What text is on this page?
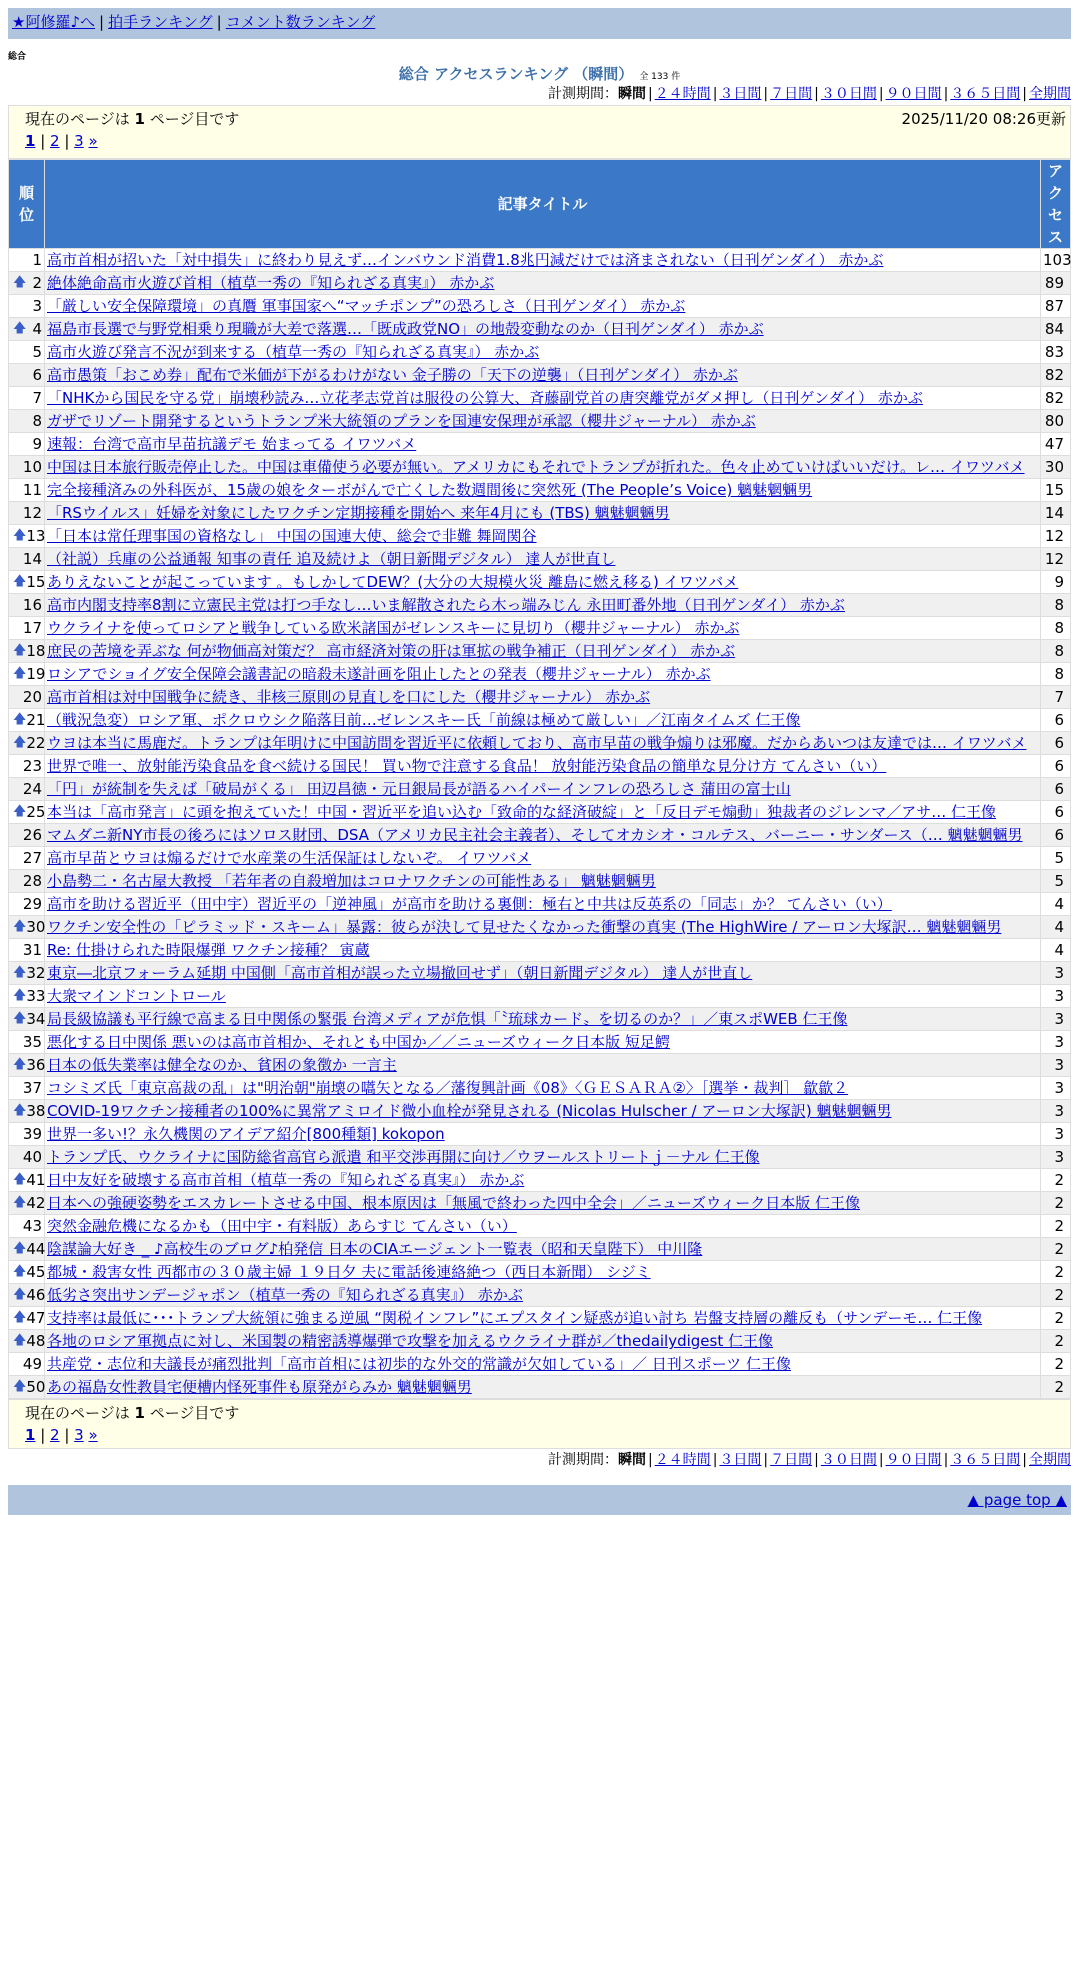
★阿修羅♪へ | 拍手ランキング | コメント数ランキング
総合
総合 アクセスランキング （瞬間） 全 133 件
計測期間：瞬間 | ２４時間 | ３日間 | ７日間 | ３０日間 | ９０日間 | ３６５日間 | 全期間
現在のページは 1 ページ目です	2025/11/20 08:26更新
1 | 2 | 3 »
順位	記事タイトル	アクセス
1	高市首相が招いた「対中損失」に終わり見えず…インバウンド消費1.8兆円減だけでは済まされない（日刊ゲンダイ） 赤かぶ	103

🡅 2	絶体絶命高市火遊び首相（植草一秀の『知られざる真実』） 赤かぶ	89
3	「厳しい安全保障環境」の真贋 軍事国家へ“マッチポンプ”の恐ろしさ（日刊ゲンダイ） 赤かぶ	87

🡅 4	福島市長選で与野党相乗り現職が大差で落選…「既成政党NO」の地殻変動なのか（日刊ゲンダイ） 赤かぶ	84
5	高市火遊び発言不況が到来する（植草一秀の『知られざる真実』） 赤かぶ	83
6	高市愚策「おこめ券」配布で米価が下がるわけがない 金子勝の「天下の逆襲」（日刊ゲンダイ） 赤かぶ	82
7	「NHKから国民を守る党」崩壊秒読み…立花孝志党首は服役の公算大、斉藤副党首の唐突離党がダメ押し（日刊ゲンダイ） 赤かぶ	82
8	ガザでリゾート開発するというトランプ米大統領のプランを国連安保理が承認（櫻井ジャーナル） 赤かぶ	80
9	速報：台湾で高市早苗抗議デモ 始まってる イワツバメ	47
10	中国は日本旅行販売停止した。中国は車備使う必要が無い。アメリカにもそれでトランプが折れた。色々止めていけばいいだけ。レ… イワツバメ	30
11	完全接種済みの外科医が、15歳の娘をターボがんで亡くした数週間後に突然死 (The People’s Voice) 魑魅魍魎男	15
12	「RSウイルス」妊婦を対象にしたワクチン定期接種を開始へ 来年4月にも (TBS) 魑魅魍魎男	14

🡅 13	「日本は常任理事国の資格なし」 中国の国連大使、総会で非難 舞岡関谷	12
14	（社説）兵庫の公益通報 知事の責任 追及続けよ（朝日新聞デジタル） 達人が世直し	12

🡅 15	ありえないことが起こっています 。もしかしてDEW？(大分の大規模火災 離島に燃え移る) イワツバメ	9
16	高市内閣支持率8割に立憲民主党は打つ手なし…いま解散されたら木っ端みじん 永田町番外地（日刊ゲンダイ） 赤かぶ	8
17	ウクライナを使ってロシアと戦争している欧米諸国がゼレンスキーに見切り（櫻井ジャーナル） 赤かぶ	8

🡅 18	庶民の苦境を弄ぶな 何が物価高対策だ？ 高市経済対策の肝は軍拡の戦争補正（日刊ゲンダイ） 赤かぶ	8

🡅 19	ロシアでショイグ安全保障会議書記の暗殺未遂計画を阻止したとの発表（櫻井ジャーナル） 赤かぶ	8
20	高市首相は対中国戦争に続き、非核三原則の見直しを口にした（櫻井ジャーナル） 赤かぶ	7

🡅 21	（戦況急変）ロシア軍、ポクロウシク陥落目前…ゼレンスキー氏「前線は極めて厳しい」／江南タイムズ 仁王像	6

🡅 22	ウヨは本当に馬鹿だ。トランプは年明けに中国訪問を習近平に依頼しており、高市早苗の戦争煽りは邪魔。だからあいつは友達では… イワツバメ	6
23	世界で唯一、放射能汚染食品を食べ続ける国民！ 買い物で注意する食品！ 放射能汚染食品の簡単な見分け方 てんさい（い）	6
24	「円」が統制を失えば「破局がくる」 田辺昌徳・元日銀局長が語るハイパーインフレの恐ろしさ 蒲田の富士山	6

🡅 25	本当は「高市発言」に頭を抱えていた！中国・習近平を追い込む「致命的な経済破綻」と「反日デモ煽動」独裁者のジレンマ／アサ… 仁王像	6
26	マムダニ新NY市長の後ろにはソロス財団、DSA（アメリカ民主社会主義者）、そしてオカシオ・コルテス、バーニー・サンダース（… 魑魅魍魎男	6
27	高市早苗とウヨは煽るだけで水産業の生活保証はしないぞ。 イワツバメ	5
28	小島勢二・名古屋大教授 「若年者の自殺増加はコロナワクチンの可能性ある」 魑魅魍魎男	5
29	高市を助ける習近平（田中宇）習近平の「逆神風」が高市を助ける裏側：極右と中共は反英系の「同志」か？ てんさい（い）	4

🡅 30	ワクチン安全性の「ピラミッド・スキーム」暴露：彼らが決して見せたくなかった衝撃の真実 (The HighWire / アーロン大塚訳… 魑魅魍魎男	4
31	Re: 仕掛けられた時限爆弾 ワクチン接種？ 寅蔵	4

🡅 32	東京―北京フォーラム延期 中国側「高市首相が誤った立場撤回せず」（朝日新聞デジタル） 達人が世直し	3

🡅 33	大衆マインドコントロール	3

🡅 34	局長級協議も平行線で高まる日中関係の緊張 台湾メディアが危惧「〝琉球カード〟を切るのか？」／東スポWEB 仁王像	3
35	悪化する日中関係 悪いのは高市首相か、それとも中国か／／ニューズウィーク日本版 短足鰐	3

🡅 36	日本の低失業率は健全なのか、貧困の象徴か 一言主	3
37	コシミズ氏「東京高裁の乱」は"明治朝"崩壊の嚆矢となる／藩復興計画《08》〈ＧＥＳＡＲＡ②〉［選挙・裁判］ 歙歙２	3

🡅 38	COVID-19ワクチン接種者の100%に異常アミロイド微小血栓が発見される (Nicolas Hulscher / アーロン大塚訳) 魑魅魍魎男	3
39	世界一多い!？永久機関のアイデア紹介[800種類] kokopon	3
40	トランプ氏、ウクライナに国防総省高官ら派遣 和平交渉再開に向け／ウヲールストリートｊ－ナル 仁王像	3

🡅 41	日中友好を破壊する高市首相（植草一秀の『知られざる真実』） 赤かぶ	2

🡅 42	日本への強硬姿勢をエスカレートさせる中国、根本原因は「無風で終わった四中全会」／ニューズウィーク日本版 仁王像	2
43	突然金融危機になるかも（田中宇・有料版）あらすじ てんさい（い）	2

🡅 44	陰謀論大好き _ ♪高校生のブログ♪柏発信 日本のCIAエージェント一覧表（昭和天皇陛下） 中川隆	2

🡅 45	都城・殺害女性 西都市の３０歳主婦 １９日夕 夫に電話後連絡絶つ（西日本新聞） シジミ	2

🡅 46	低劣さ突出サンデージャポン（植草一秀の『知られざる真実』） 赤かぶ	2

🡅 47	支持率は最低に･･･トランプ大統領に強まる逆風 “関税インフレ”にエプスタイン疑惑が追い討ち 岩盤支持層の離反も（サンデーモ… 仁王像	2

🡅 48	各地のロシア軍拠点に対し、米国製の精密誘導爆弾で攻撃を加えるウクライナ群が／thedailydigest 仁王像	2
49	共産党・志位和夫議長が痛烈批判「高市首相には初歩的な外交的常識が欠如している」／ 日刊スポーツ 仁王像	2

🡅 50	あの福島女性教員宅便槽内怪死事件も原発がらみか 魑魅魍魎男	2
現在のページは 1 ページ目です
1 | 2 | 3 »
計測期間：瞬間 | ２４時間 | ３日間 | ７日間 | ３０日間 | ９０日間 | ３６５日間 | 全期間
▲ page top ▲
